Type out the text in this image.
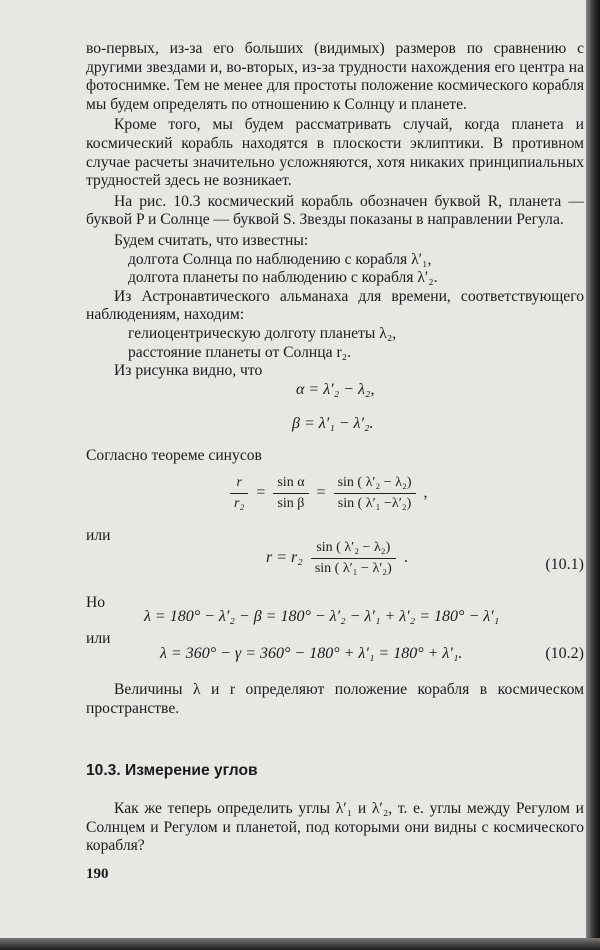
во-первых, из-за его больших (видимых) размеров по сравнению с другими звездами и, во-вторых, из-за трудности нахождения его центра на фотоснимке. Тем не менее для простоты положение космического корабля мы будем определять по отношению к Солнцу и планете.

Кроме того, мы будем рассматривать случай, когда планета и космический корабль находятся в плоскости эклиптики. В противном случае расчеты значительно усложняются, хотя никаких принципиальных трудностей здесь не возникает.

На рис. 10.3 космический корабль обозначен буквой R, планета — буквой P и Солнце — буквой S. Звезды показаны в направлении Регула.

Будем считать, что известны:

долгота Солнца по наблюдению с корабля λ′₁,
долгота планеты по наблюдению с корабля λ′₂.

Из Астронавтического альманаха для времени, соответствующего наблюдениям, находим:

гелиоцентрическую долготу планеты λ₂,
расстояние планеты от Солнца r₂.

Из рисунка видно, что

α = λ′₂ − λ₂,
β = λ′₁ − λ′₂.

Согласно теореме синусов

$\frac{r}{\text{r₂}} = \frac{\text{sin α}}{\text{sin β}} = \frac{\text{sin ( λ′₂ − λ₂)}}{\text{sin ( λ′₁ −λ′₂)}}$ ,
или
$r = r_2 \frac{\text{sin ( λ′₂ − λ₂)}}{\text{sin ( λ′₁ − λ′₂)}}$ .	(10.1)
Но
λ = 180° − λ′₂ − β = 180° − λ′₂ − λ′₁ + λ′₂ = 180° − λ′₁
или
λ = 360° − γ = 360° − 180° + λ′₁ = 180° + λ′₁.	(10.2)

Величины λ и r определяют положение корабля в космическом пространстве.

10.3. Измерение углов

Как же теперь определить углы λ′₁ и λ′₂, т. е. углы между Регулом и Солнцем и Регулом и планетой, под которыми они видны с космического корабля?

190
